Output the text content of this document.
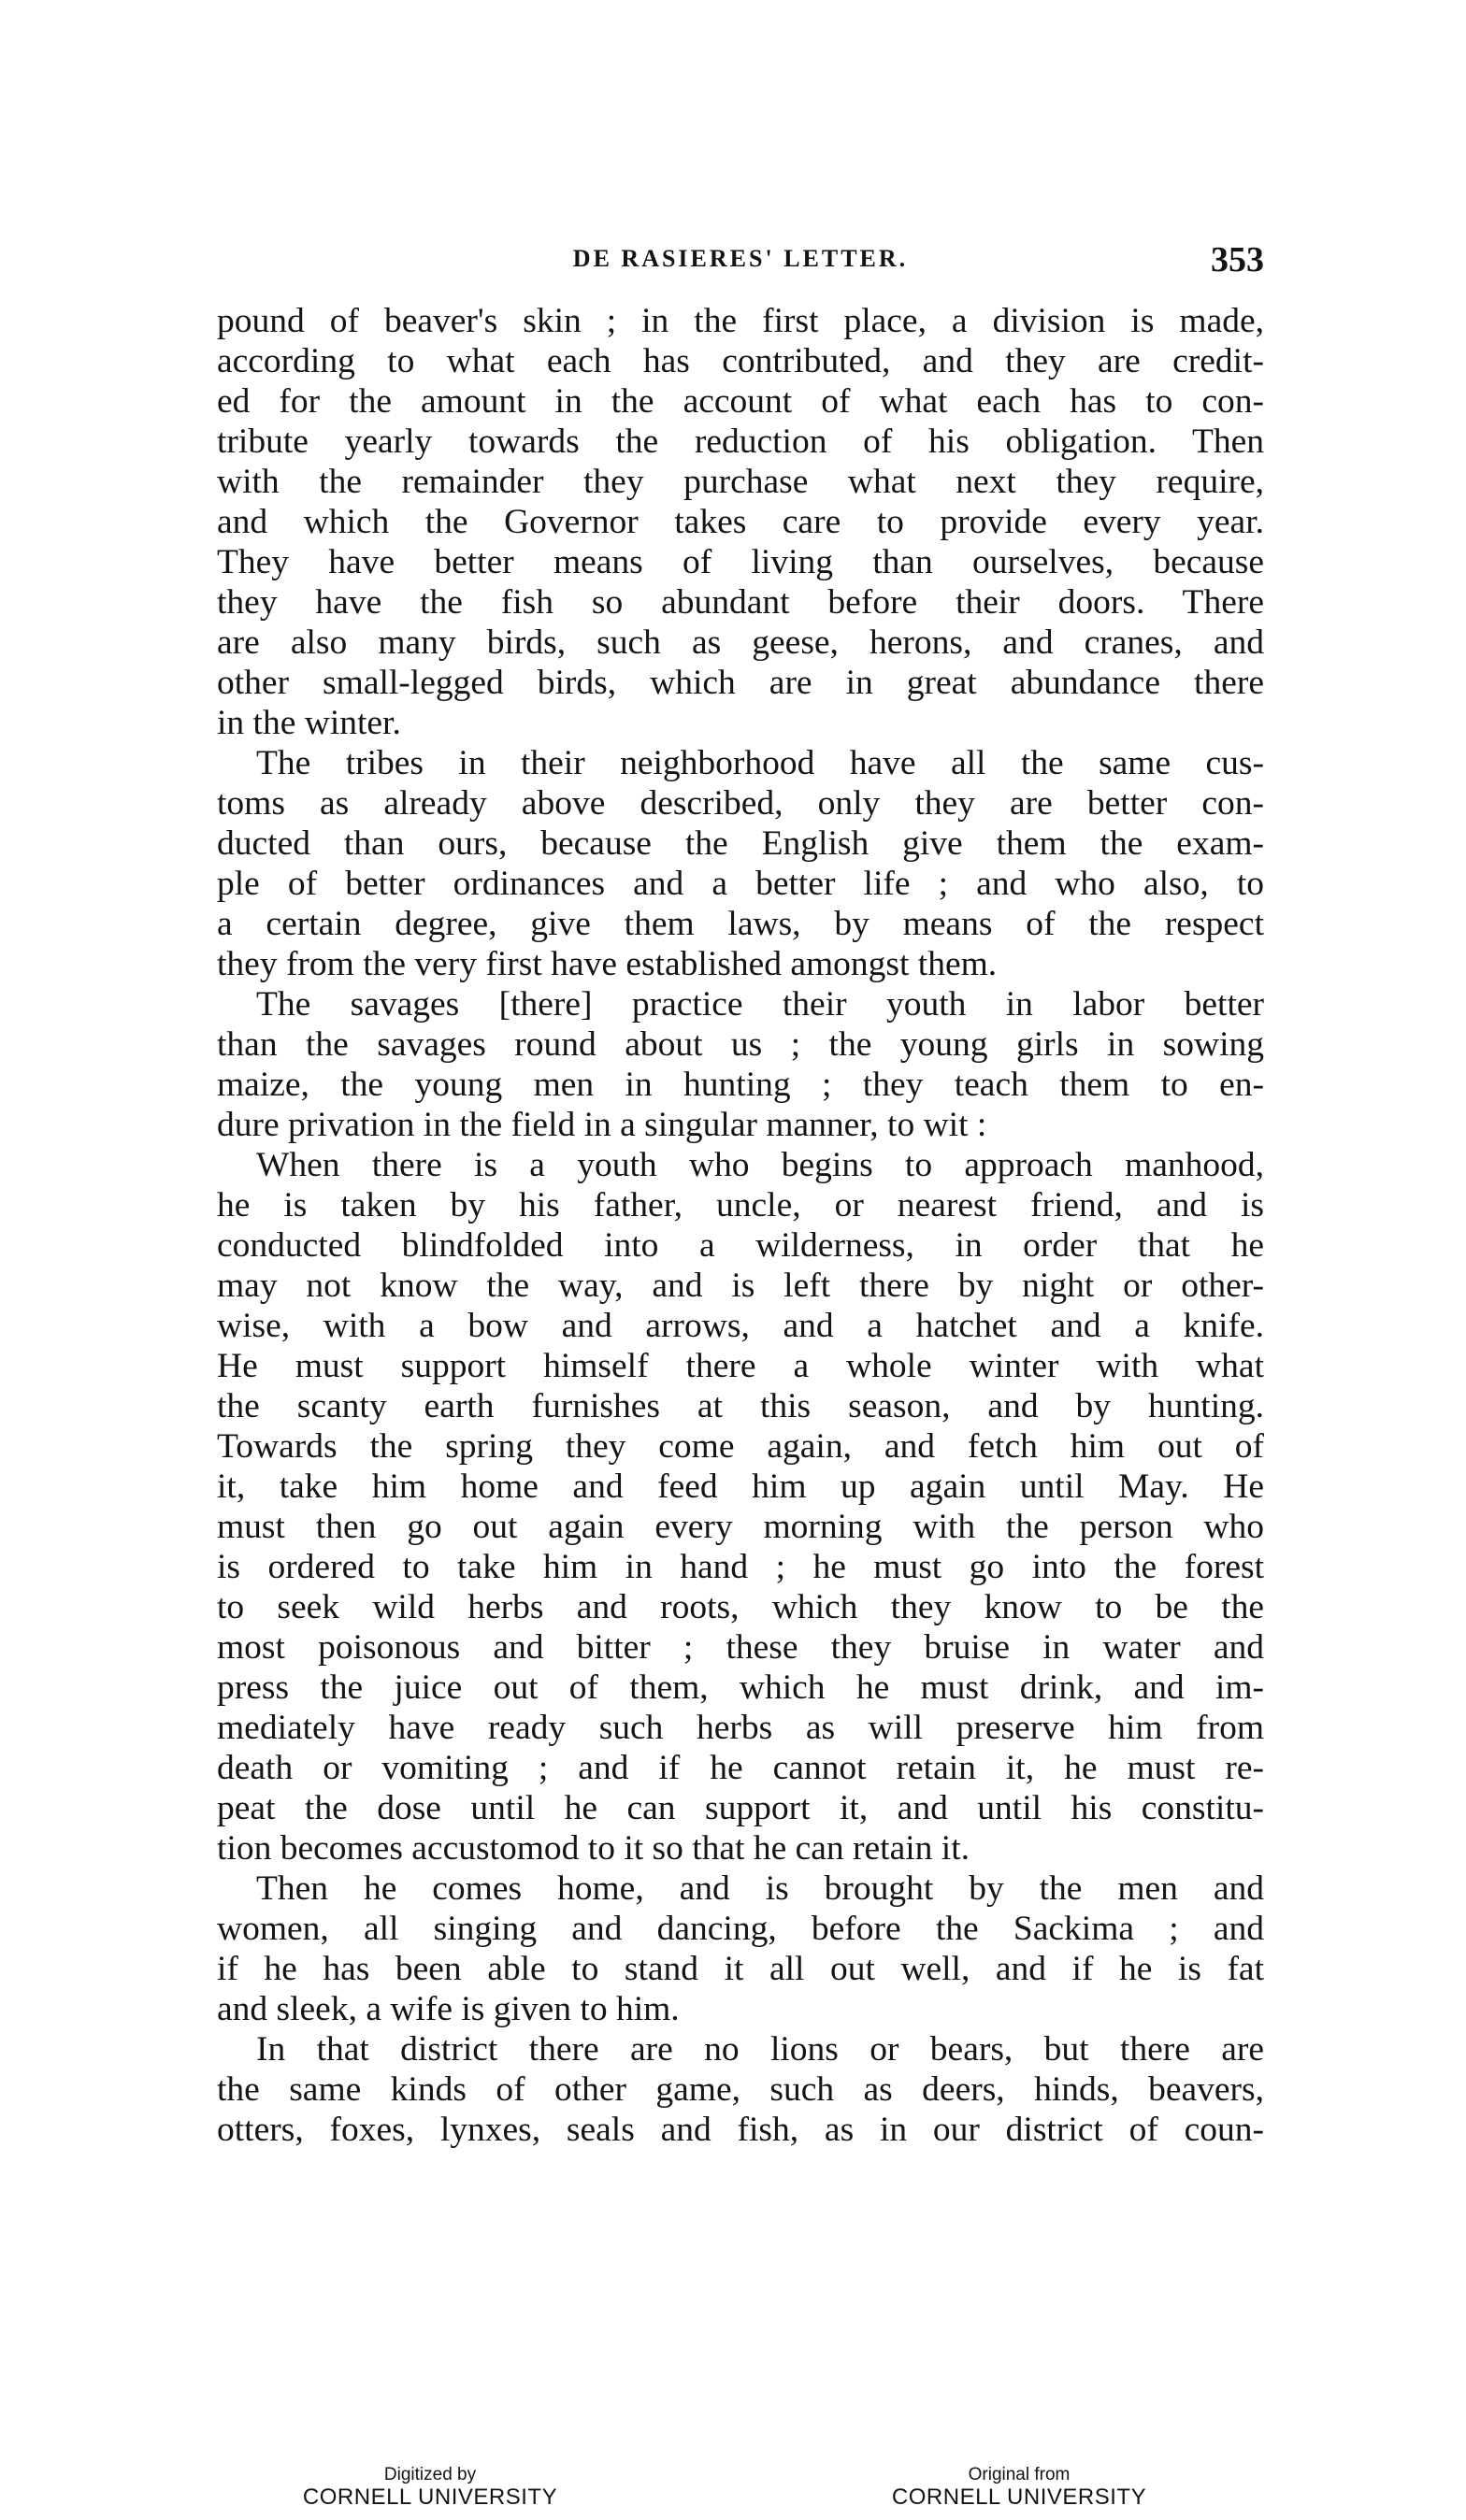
DE RASIERES' LETTER.	353

pound of beaver's skin ; in the first place, a division is made,
according to what each has contributed, and they are credit-
ed for the amount in the account of what each has to con-
tribute yearly towards the reduction of his obligation. Then
with the remainder they purchase what next they require,
and which the Governor takes care to provide every year.
They have better means of living than ourselves, because
they have the fish so abundant before their doors. There
are also many birds, such as geese, herons, and cranes, and
other small-legged birds, which are in great abundance there
in the winter.

The tribes in their neighborhood have all the same cus-
toms as already above described, only they are better con-
ducted than ours, because the English give them the exam-
ple of better ordinances and a better life ; and who also, to
a certain degree, give them laws, by means of the respect
they from the very first have established amongst them.

The savages [there] practice their youth in labor better
than the savages round about us ; the young girls in sowing
maize, the young men in hunting ; they teach them to en-
dure privation in the field in a singular manner, to wit :

When there is a youth who begins to approach manhood,
he is taken by his father, uncle, or nearest friend, and is
conducted blindfolded into a wilderness, in order that he
may not know the way, and is left there by night or other-
wise, with a bow and arrows, and a hatchet and a knife.
He must support himself there a whole winter with what
the scanty earth furnishes at this season, and by hunting.
Towards the spring they come again, and fetch him out of
it, take him home and feed him up again until May. He
must then go out again every morning with the person who
is ordered to take him in hand ; he must go into the forest
to seek wild herbs and roots, which they know to be the
most poisonous and bitter ; these they bruise in water and
press the juice out of them, which he must drink, and im-
mediately have ready such herbs as will preserve him from
death or vomiting ; and if he cannot retain it, he must re-
peat the dose until he can support it, and until his constitu-
tion becomes accustomod to it so that he can retain it.

Then he comes home, and is brought by the men and
women, all singing and dancing, before the Sackima ; and
if he has been able to stand it all out well, and if he is fat
and sleek, a wife is given to him.

In that district there are no lions or bears, but there are
the same kinds of other game, such as deers, hinds, beavers,
otters, foxes, lynxes, seals and fish, as in our district of coun-

Digitized by
CORNELL UNIVERSITY
Original from
CORNELL UNIVERSITY
